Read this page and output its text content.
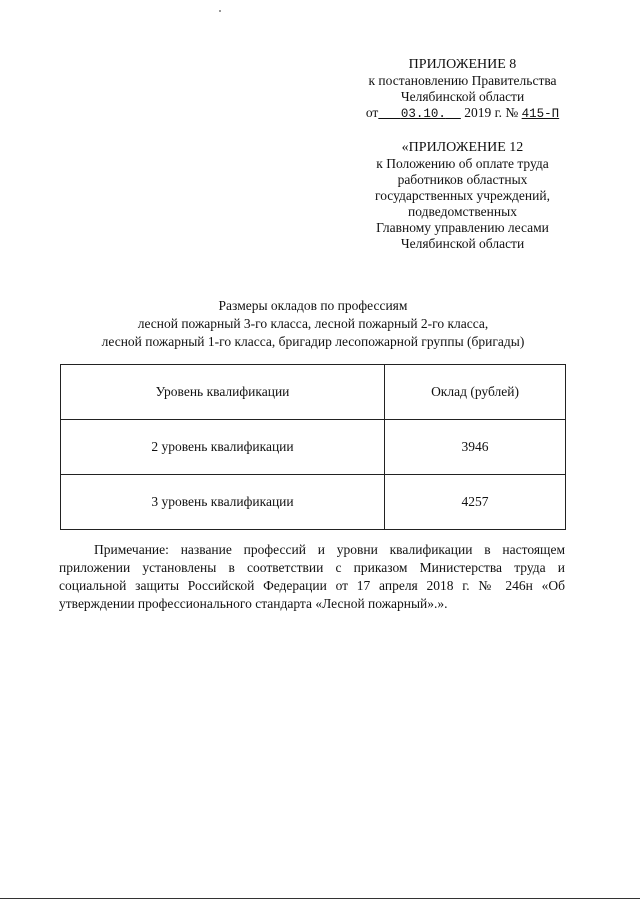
ПРИЛОЖЕНИЕ 8
к постановлению Правительства
Челябинской области
от 03.10.   2019 г. № 415-П
«ПРИЛОЖЕНИЕ 12
к Положению об оплате труда
работников областных
государственных учреждений,
подведомственных
Главному управлению лесами
Челябинской области
Размеры окладов по профессиям
лесной пожарный 3-го класса, лесной пожарный 2-го класса,
лесной пожарный 1-го класса, бригадир лесопожарной группы (бригады)
Уровень квалификации	Оклад (рублей)
2 уровень квалификации	3946
3 уровень квалификации	4257
Примечание: название профессий и уровни квалификации в настоящем приложении установлены в соответствии с приказом Министерства труда и социальной защиты Российской Федерации от 17 апреля 2018 г. № 246н «Об утверждении профессионального стандарта «Лесной пожарный».».
